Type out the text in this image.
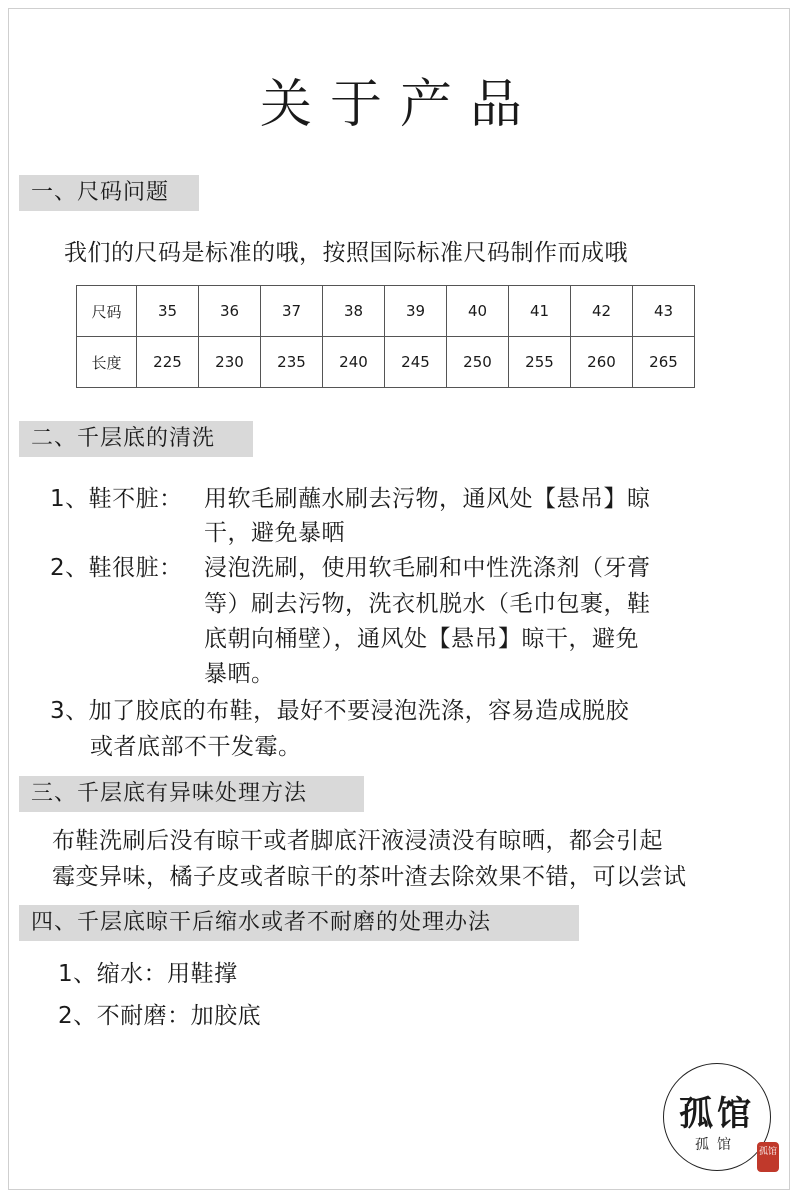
关于产品
一、尺码问题
我们的尺码是标准的哦，按照国际标准尺码制作而成哦
尺码	35	36	37	38	39	40	41	42	43
长度	225	230	235	240	245	250	255	260	265
二、千层底的清洗
1、鞋不脏： 用软毛刷蘸水刷去污物，通风处【悬吊】晾
干，避免暴晒
2、鞋很脏： 浸泡洗刷，使用软毛刷和中性洗涤剂（牙膏
等）刷去污物，洗衣机脱水（毛巾包裹，鞋
底朝向桶壁），通风处【悬吊】晾干，避免
暴晒。
3、加了胶底的布鞋，最好不要浸泡洗涤，容易造成脱胶
或者底部不干发霉。
三、千层底有异味处理方法
布鞋洗刷后没有晾干或者脚底汗液浸渍没有晾晒，都会引起
霉变异味，橘子皮或者晾干的茶叶渣去除效果不错，可以尝试
四、千层底晾干后缩水或者不耐磨的处理办法
1、缩水：用鞋撑
2、不耐磨：加胶底
孤馆
孤馆	孤馆
